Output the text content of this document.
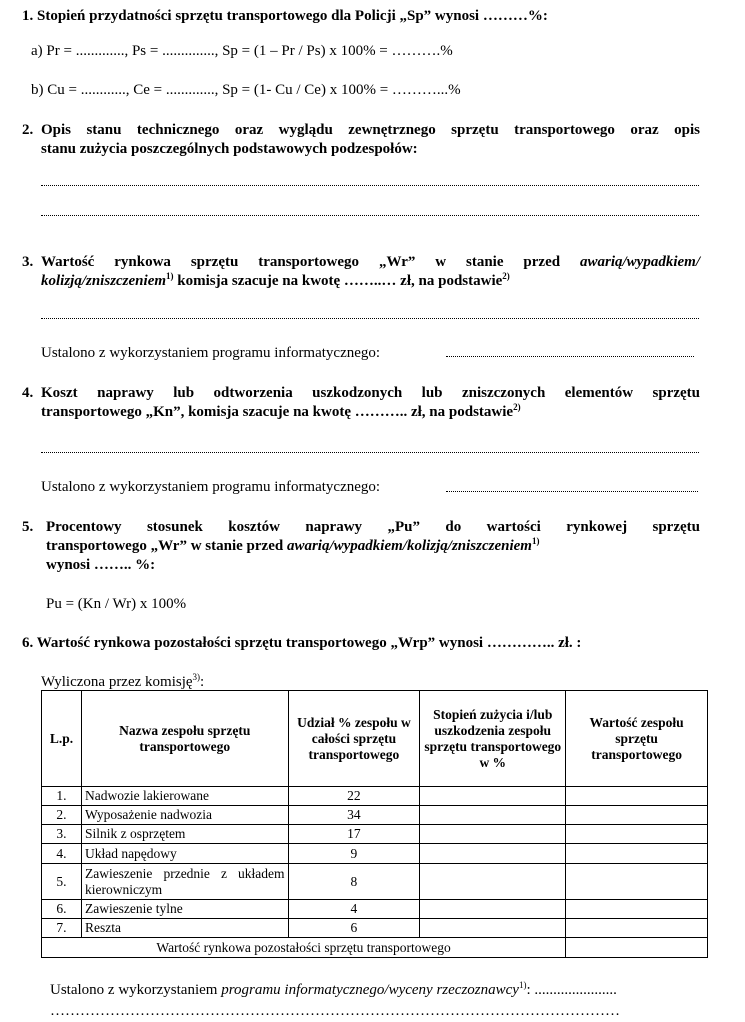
1. Stopień przydatności sprzętu transportowego dla Policji „Sp” wynosi ………%:
a) Pr = ............., Ps = .............., Sp = (1 – Pr / Ps) x 100% = ……….%
b) Cu = ............, Ce = ............., Sp = (1- Cu / Ce) x 100% = ………...%
2. Opis stanu technicznego oraz wyglądu zewnętrznego sprzętu transportowego oraz opis
stanu zużycia poszczególnych podstawowych podzespołów:
3. Wartość rynkowa sprzętu transportowego „Wr” w stanie przed awarią/wypadkiem/
kolizją/zniszczeniem$^{1)}$ komisja szacuje na kwotę ……..… zł, na podstawie$^{2)}$
Ustalono z wykorzystaniem programu informatycznego:
4. Koszt naprawy lub odtworzenia uszkodzonych lub zniszczonych elementów sprzętu
transportowego „Kn”, komisja szacuje na kwotę ……….. zł, na podstawie$^{2)}$
Ustalono z wykorzystaniem programu informatycznego:
5. Procentowy stosunek kosztów naprawy „Pu” do wartości rynkowej sprzętu
transportowego „Wr” w stanie przed awarią/wypadkiem/kolizją/zniszczeniem$^{1)}$
wynosi …….. %:
Pu = (Kn / Wr) x 100%
6. Wartość rynkowa pozostałości sprzętu transportowego „Wrp” wynosi ………….. zł. :
Wyliczona przez komisję$^{3)}$:
L.p.	Nazwa zespołu sprzętu transportowego	Udział % zespołu w całości sprzętu transportowego	Stopień zużycia i/lub uszkodzenia zespołu sprzętu transportowego w %	Wartość zespołu sprzętu transportowego
1.	Nadwozie lakierowane	22		
2.	Wyposażenie nadwozia	34		
3.	Silnik z osprzętem	17		
4.	Układ napędowy	9		
5.	Zawieszenie przednie z układem kierowniczym	8		
6.	Zawieszenie tylne	4		
7.	Reszta	6		
Wartość rynkowa pozostałości sprzętu transportowego				
Ustalono z wykorzystaniem programu informatycznego/wyceny rzeczoznawcy$^{1)}$: ......................
……………………………………………………………………………………………………
